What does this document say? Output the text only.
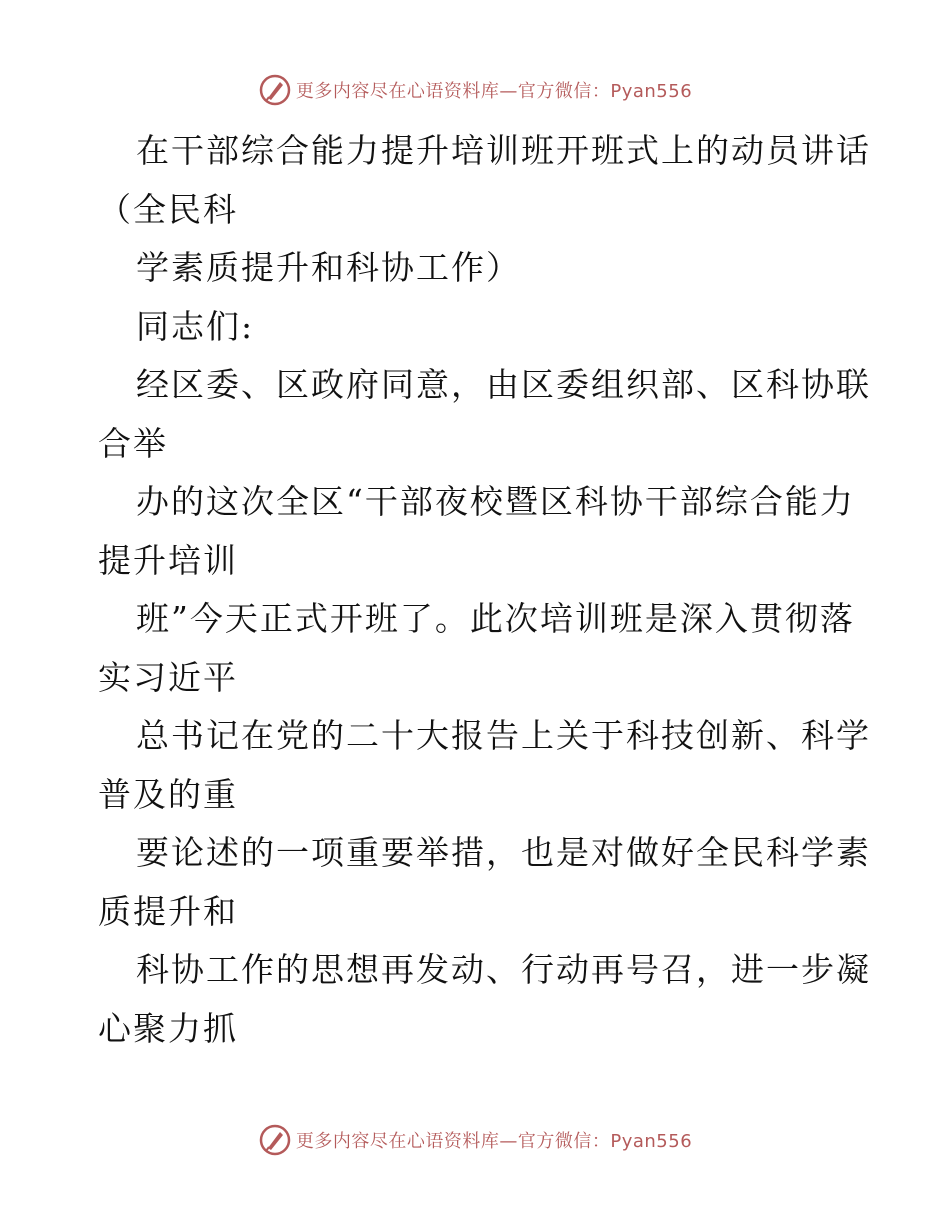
更多内容尽在心语资料库—官方微信：Pyan556
在干部综合能力提升培训班开班式上的动员讲话
（全民科
学素质提升和科协工作）
同志们:
经区委、区政府同意，由区委组织部、区科协联
合举
办的这次全区“干部夜校暨区科协干部综合能力
提升培训
班”今天正式开班了。此次培训班是深入贯彻落
实习近平
总书记在党的二十大报告上关于科技创新、科学
普及的重
要论述的一项重要举措，也是对做好全民科学素
质提升和
科协工作的思想再发动、行动再号召，进一步凝
心聚力抓
更多内容尽在心语资料库—官方微信：Pyan556
